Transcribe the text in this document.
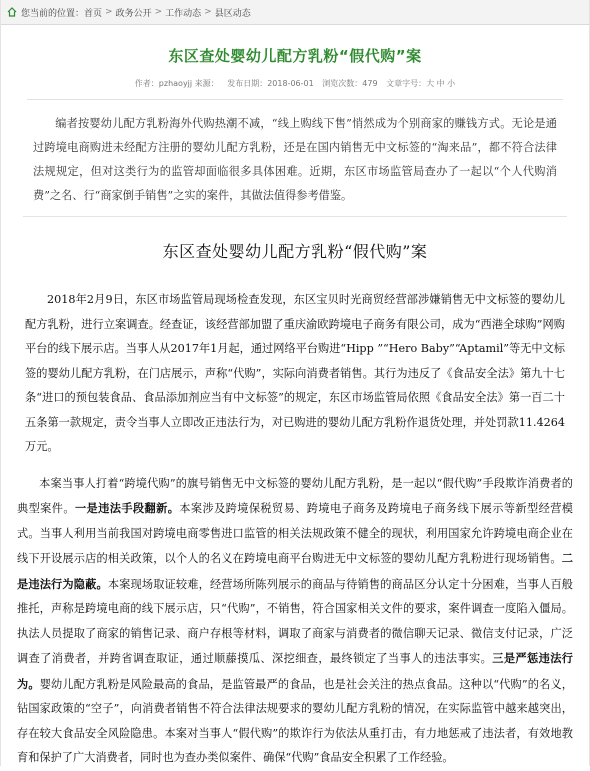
您当前的位置： 首页 > 政务公开 > 工作动态 > 县区动态
东区查处婴幼儿配方乳粉“假代购”案
作者：pzhaoyjj 来源： 发布日期：2018-06-01 浏览次数：479 文章字号：大 中 小
编者按婴幼儿配方乳粉海外代购热潮不减，“线上购线下售”悄然成为个别商家的赚钱方式。无论是通过跨境电商购进未经配方注册的婴幼儿配方乳粉，还是在国内销售无中文标签的“淘来品”，都不符合法律法规规定，但对这类行为的监管却面临很多具体困难。近期，东区市场监管局查办了一起以“个人代购消费”之名、行“商家倒手销售”之实的案件，其做法值得参考借鉴。
东区查处婴幼儿配方乳粉“假代购”案

2018年2月9日，东区市场监管局现场检查发现，东区宝贝时光商贸经营部涉嫌销售无中文标签的婴幼儿配方乳粉，进行立案调查。经查证，该经营部加盟了重庆渝欧跨境电子商务有限公司，成为“西港全球购”网购平台的线下展示店。当事人从2017年1月起，通过网络平台购进“Hipp ”“Hero Baby”“Aptamil”等无中文标签的婴幼儿配方乳粉，在门店展示，声称“代购”，实际向消费者销售。其行为违反了《食品安全法》第九十七条“进口的预包装食品、食品添加剂应当有中文标签”的规定，东区市场监管局依照《食品安全法》第一百二十五条第一款规定，责令当事人立即改正违法行为，对已购进的婴幼儿配方乳粉作退货处理，并处罚款11.4264万元。

本案当事人打着“跨境代购”的旗号销售无中文标签的婴幼儿配方乳粉，是一起以“假代购”手段欺诈消费者的典型案件。一是违法手段翻新。本案涉及跨境保税贸易、跨境电子商务及跨境电子商务线下展示等新型经营模式。当事人利用当前我国对跨境电商零售进口监管的相关法规政策不健全的现状，利用国家允许跨境电商企业在线下开设展示店的相关政策，以个人的名义在跨境电商平台购进无中文标签的婴幼儿配方乳粉进行现场销售。二是违法行为隐蔽。本案现场取证较难，经营场所陈列展示的商品与待销售的商品区分认定十分困难，当事人百般推托，声称是跨境电商的线下展示店，只“代购”，不销售，符合国家相关文件的要求，案件调查一度陷入僵局。执法人员提取了商家的销售记录、商户存根等材料，调取了商家与消费者的微信聊天记录、微信支付记录，广泛调查了消费者，并跨省调查取证，通过顺藤摸瓜、深挖细查，最终锁定了当事人的违法事实。三是严惩违法行为。婴幼儿配方乳粉是风险最高的食品，是监管最严的食品，也是社会关注的热点食品。这种以“代购”的名义，钻国家政策的“空子”，向消费者销售不符合法律法规要求的婴幼儿配方乳粉的情况，在实际监管中越来越突出，存在较大食品安全风险隐患。本案对当事人“假代购”的欺诈行为依法从重打击，有力地惩戒了违法者，有效地教育和保护了广大消费者，同时也为查办类似案件、确保“代购”食品安全积累了工作经验。
